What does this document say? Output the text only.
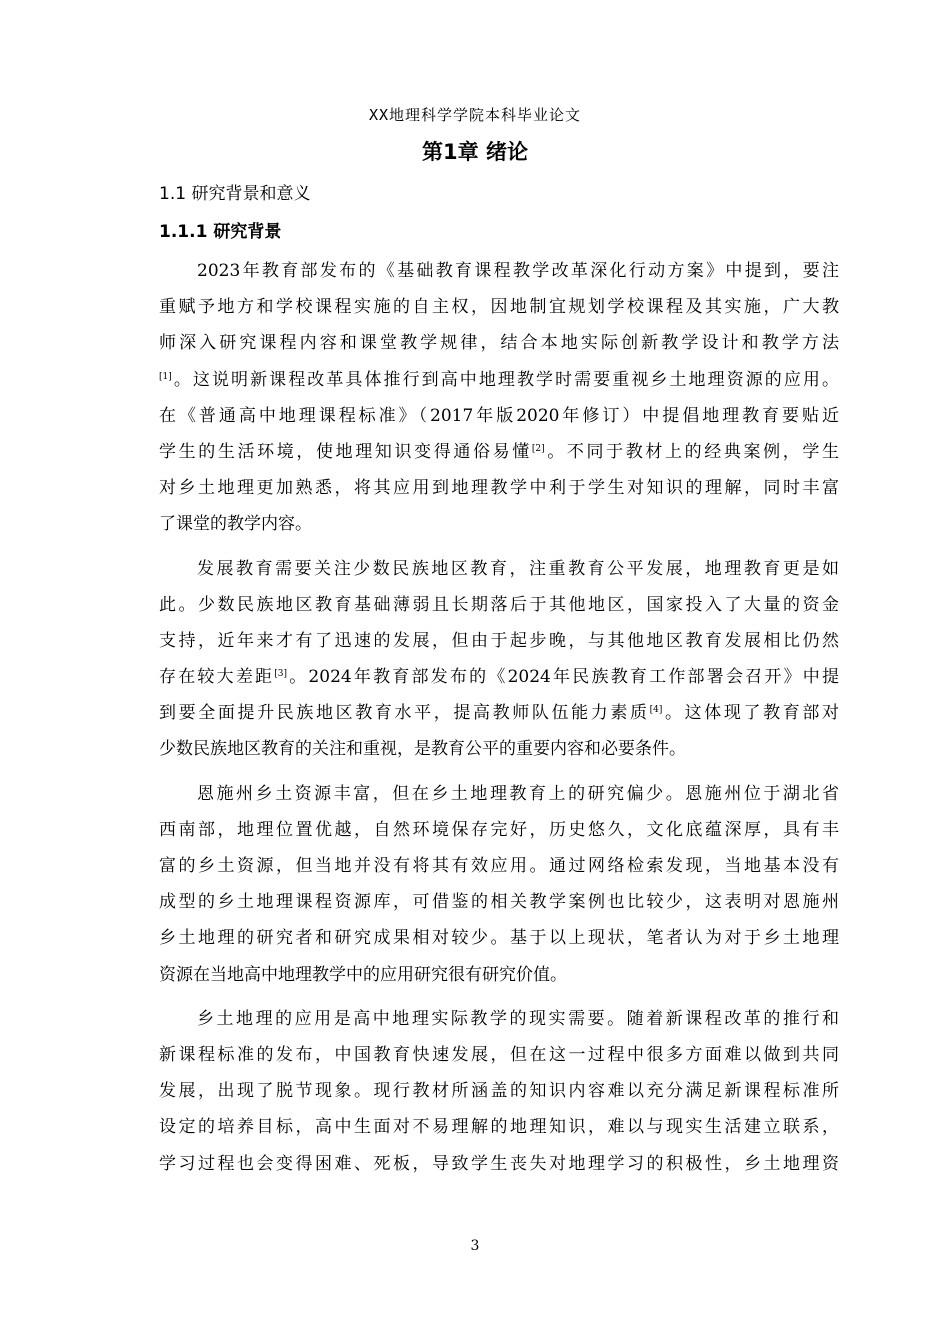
XX地理科学学院本科毕业论文
第1章 绪论
1.1 研究背景和意义
1.1.1 研究背景
2023年教育部发布的《基础教育课程教学改革深化行动方案》中提到，要注
重赋予地方和学校课程实施的自主权，因地制宜规划学校课程及其实施，广大教
师深入研究课程内容和课堂教学规律，结合本地实际创新教学设计和教学方法
[1]。这说明新课程改革具体推行到高中地理教学时需要重视乡土地理资源的应用。
在《普通高中地理课程标准》（2017年版2020年修订）中提倡地理教育要贴近
学生的生活环境，使地理知识变得通俗易懂[2]。不同于教材上的经典案例，学生
对乡土地理更加熟悉，将其应用到地理教学中利于学生对知识的理解，同时丰富
了课堂的教学内容。
发展教育需要关注少数民族地区教育，注重教育公平发展，地理教育更是如
此。少数民族地区教育基础薄弱且长期落后于其他地区，国家投入了大量的资金
支持，近年来才有了迅速的发展，但由于起步晚，与其他地区教育发展相比仍然
存在较大差距[3]。2024年教育部发布的《2024年民族教育工作部署会召开》中提
到要全面提升民族地区教育水平，提高教师队伍能力素质[4]。这体现了教育部对
少数民族地区教育的关注和重视，是教育公平的重要内容和必要条件。
恩施州乡土资源丰富，但在乡土地理教育上的研究偏少。恩施州位于湖北省
西南部，地理位置优越，自然环境保存完好，历史悠久，文化底蕴深厚，具有丰
富的乡土资源，但当地并没有将其有效应用。通过网络检索发现，当地基本没有
成型的乡土地理课程资源库，可借鉴的相关教学案例也比较少，这表明对恩施州
乡土地理的研究者和研究成果相对较少。基于以上现状，笔者认为对于乡土地理
资源在当地高中地理教学中的应用研究很有研究价值。
乡土地理的应用是高中地理实际教学的现实需要。随着新课程改革的推行和
新课程标准的发布，中国教育快速发展，但在这一过程中很多方面难以做到共同
发展，出现了脱节现象。现行教材所涵盖的知识内容难以充分满足新课程标准所
设定的培养目标，高中生面对不易理解的地理知识，难以与现实生活建立联系，
学习过程也会变得困难、死板，导致学生丧失对地理学习的积极性，乡土地理资
3
